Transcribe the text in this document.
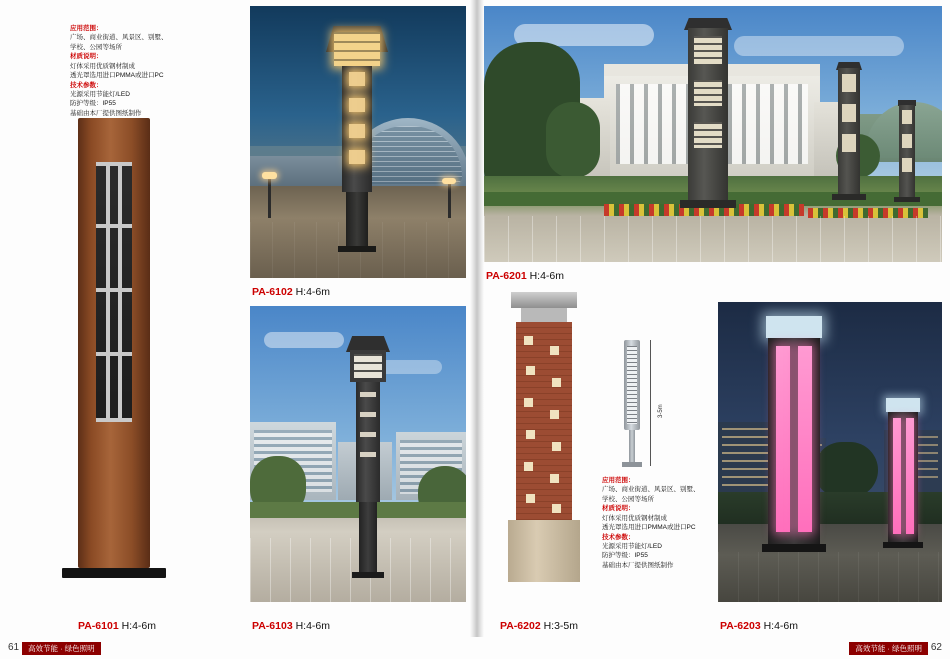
应用范围：
广场、商业街道、风景区、别墅、
学校、公园等场所
材质说明：
灯体采用优质钢材制成
透光罩选用进口PMMA或进口PC
技术参数：
光源采用节能灯/LED
防护等级：IP55
基础由本厂提供图纸制作
PA-6101 H:4-6m
PA-6102 H:4-6m
PA-6103 H:4-6m
PA-6201 H:4-6m
PA-6202 H:3-5m
3-5m
应用范围：
广场、商业街道、风景区、别墅、
学校、公园等场所
材质说明：
灯体采用优质钢材制成
透光罩选用进口PMMA或进口PC
技术参数：
光源采用节能灯/LED
防护等级：IP55
基础由本厂提供图纸制作
PA-6203 H:4-6m
61	高效节能 · 绿色照明	62
高效节能 · 绿色照明
